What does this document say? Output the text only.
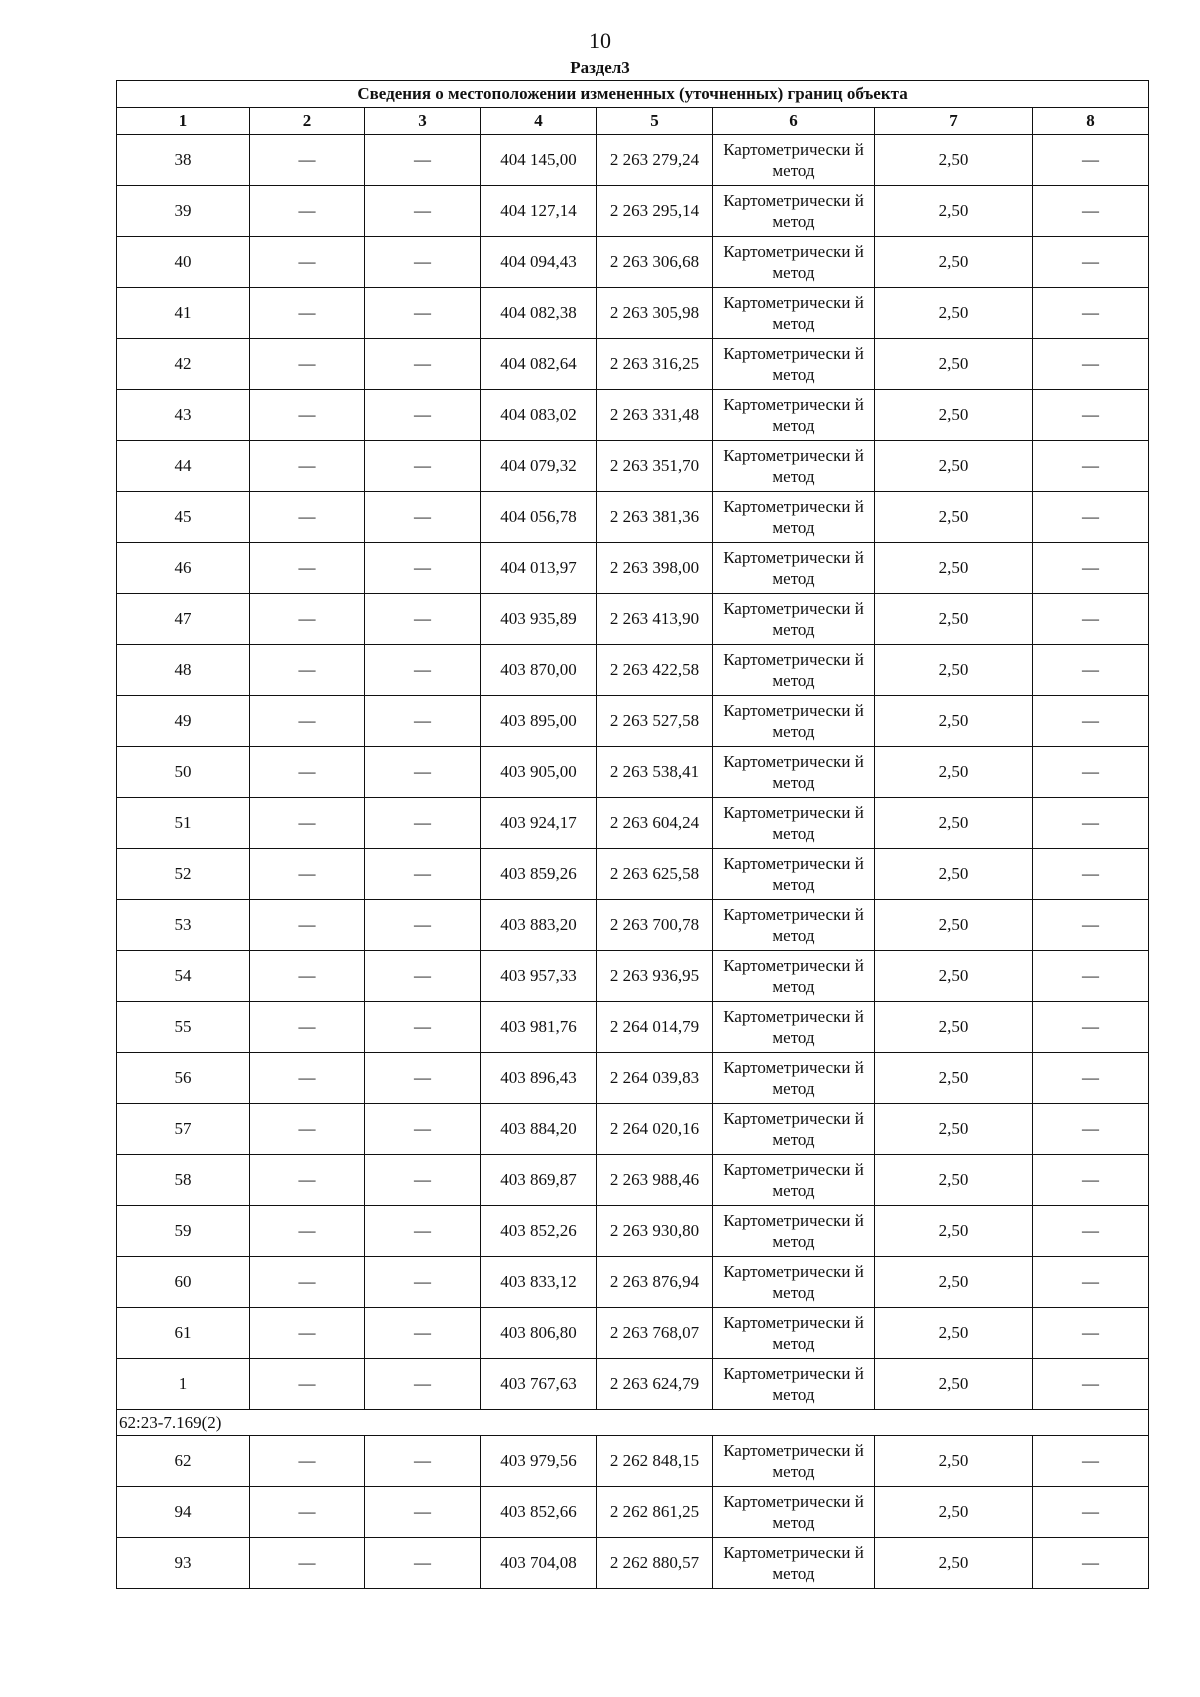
10
Раздел3
Сведения о местоположении измененных (уточненных) границ объекта							
1	2	3	4	5	6	7	8
38	—	—	404 145,00	2 263 279,24	Картометрически й метод	2,50	—
39	—	—	404 127,14	2 263 295,14	Картометрически й метод	2,50	—
40	—	—	404 094,43	2 263 306,68	Картометрически й метод	2,50	—
41	—	—	404 082,38	2 263 305,98	Картометрически й метод	2,50	—
42	—	—	404 082,64	2 263 316,25	Картометрически й метод	2,50	—
43	—	—	404 083,02	2 263 331,48	Картометрически й метод	2,50	—
44	—	—	404 079,32	2 263 351,70	Картометрически й метод	2,50	—
45	—	—	404 056,78	2 263 381,36	Картометрически й метод	2,50	—
46	—	—	404 013,97	2 263 398,00	Картометрически й метод	2,50	—
47	—	—	403 935,89	2 263 413,90	Картометрически й метод	2,50	—
48	—	—	403 870,00	2 263 422,58	Картометрически й метод	2,50	—
49	—	—	403 895,00	2 263 527,58	Картометрически й метод	2,50	—
50	—	—	403 905,00	2 263 538,41	Картометрически й метод	2,50	—
51	—	—	403 924,17	2 263 604,24	Картометрически й метод	2,50	—
52	—	—	403 859,26	2 263 625,58	Картометрически й метод	2,50	—
53	—	—	403 883,20	2 263 700,78	Картометрически й метод	2,50	—
54	—	—	403 957,33	2 263 936,95	Картометрически й метод	2,50	—
55	—	—	403 981,76	2 264 014,79	Картометрически й метод	2,50	—
56	—	—	403 896,43	2 264 039,83	Картометрически й метод	2,50	—
57	—	—	403 884,20	2 264 020,16	Картометрически й метод	2,50	—
58	—	—	403 869,87	2 263 988,46	Картометрически й метод	2,50	—
59	—	—	403 852,26	2 263 930,80	Картометрически й метод	2,50	—
60	—	—	403 833,12	2 263 876,94	Картометрически й метод	2,50	—
61	—	—	403 806,80	2 263 768,07	Картометрически й метод	2,50	—
1	—	—	403 767,63	2 263 624,79	Картометрически й метод	2,50	—
62:23-7.169(2)							
62	—	—	403 979,56	2 262 848,15	Картометрически й метод	2,50	—
94	—	—	403 852,66	2 262 861,25	Картометрически й метод	2,50	—
93	—	—	403 704,08	2 262 880,57	Картометрически й метод	2,50	—
